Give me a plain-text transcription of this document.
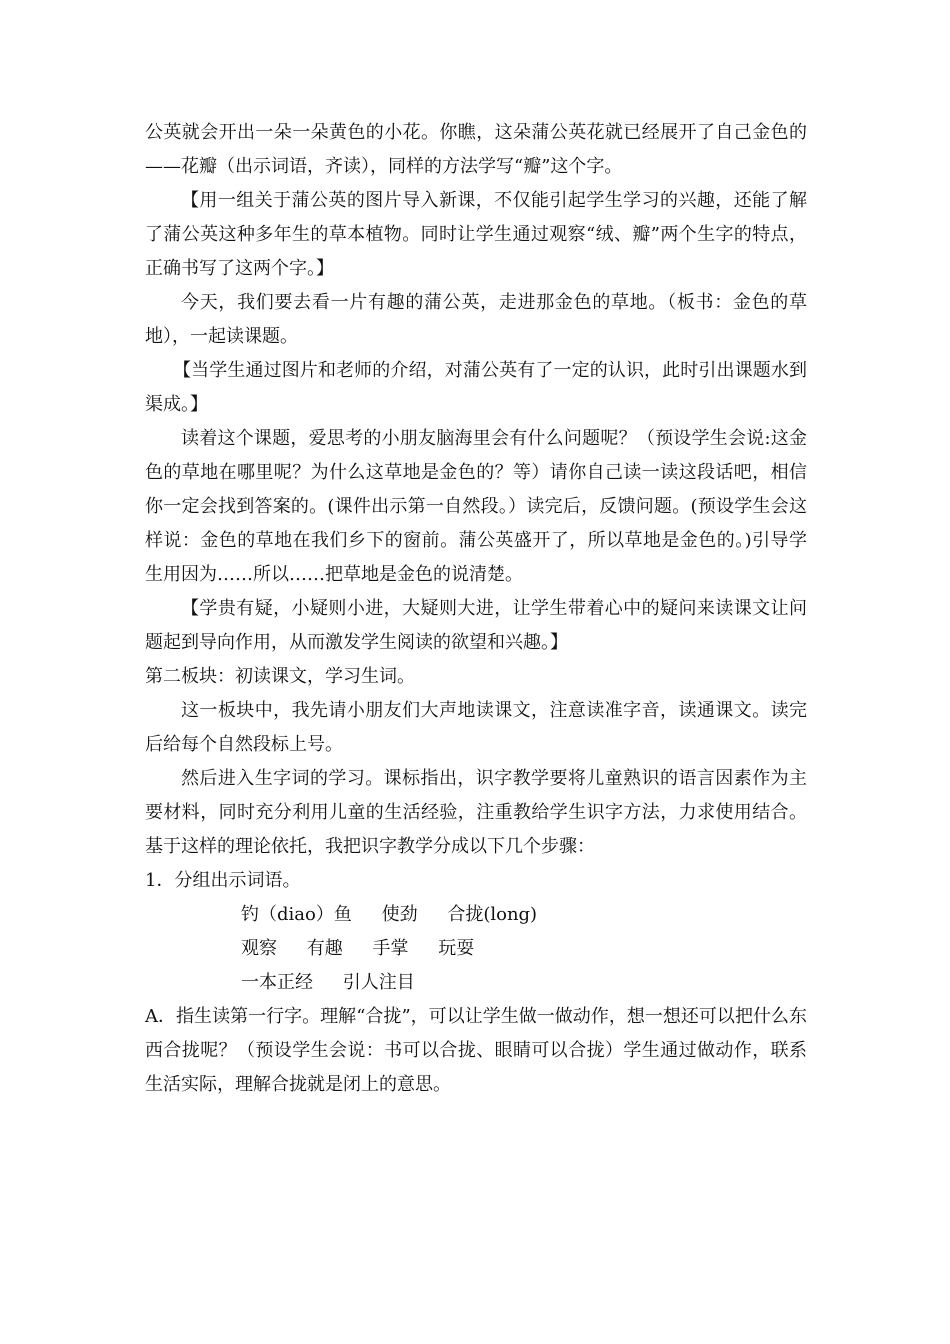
公英就会开出一朵一朵黄色的小花。你瞧，这朵蒲公英花就已经展开了自己金色的——花瓣（出示词语，齐读），同样的方法学写“瓣”这个字。

【用一组关于蒲公英的图片导入新课，不仅能引起学生学习的兴趣，还能了解了蒲公英这种多年生的草本植物。同时让学生通过观察“绒、瓣”两个生字的特点，正确书写了这两个字。】

今天，我们要去看一片有趣的蒲公英，走进那金色的草地。（板书：金色的草地），一起读课题。

【当学生通过图片和老师的介绍，对蒲公英有了一定的认识，此时引出课题水到渠成。】

读着这个课题，爱思考的小朋友脑海里会有什么问题呢？（预设学生会说:这金色的草地在哪里呢？为什么这草地是金色的？等）请你自己读一读这段话吧，相信你一定会找到答案的。(课件出示第一自然段。）读完后，反馈问题。(预设学生会这样说：金色的草地在我们乡下的窗前。蒲公英盛开了，所以草地是金色的。)引导学生用因为……所以……把草地是金色的说清楚。

【学贵有疑，小疑则小进，大疑则大进，让学生带着心中的疑问来读课文让问题起到导向作用，从而激发学生阅读的欲望和兴趣。】

第二板块：初读课文，学习生词。

这一板块中，我先请小朋友们大声地读课文，注意读准字音，读通课文。读完后给每个自然段标上号。

然后进入生字词的学习。课标指出，识字教学要将儿童熟识的语言因素作为主要材料，同时充分利用儿童的生活经验，注重教给学生识字方法，力求使用结合。基于这样的理论依托，我把识字教学分成以下几个步骤：

1．分组出示词语。

钓（diao）鱼 使劲 合拢(long)
观察 有趣 手掌 玩耍
一本正经 引人注目

A．指生读第一行字。理解“合拢”，可以让学生做一做动作，想一想还可以把什么东西合拢呢？（预设学生会说：书可以合拢、眼睛可以合拢）学生通过做动作，联系生活实际，理解合拢就是闭上的意思。
